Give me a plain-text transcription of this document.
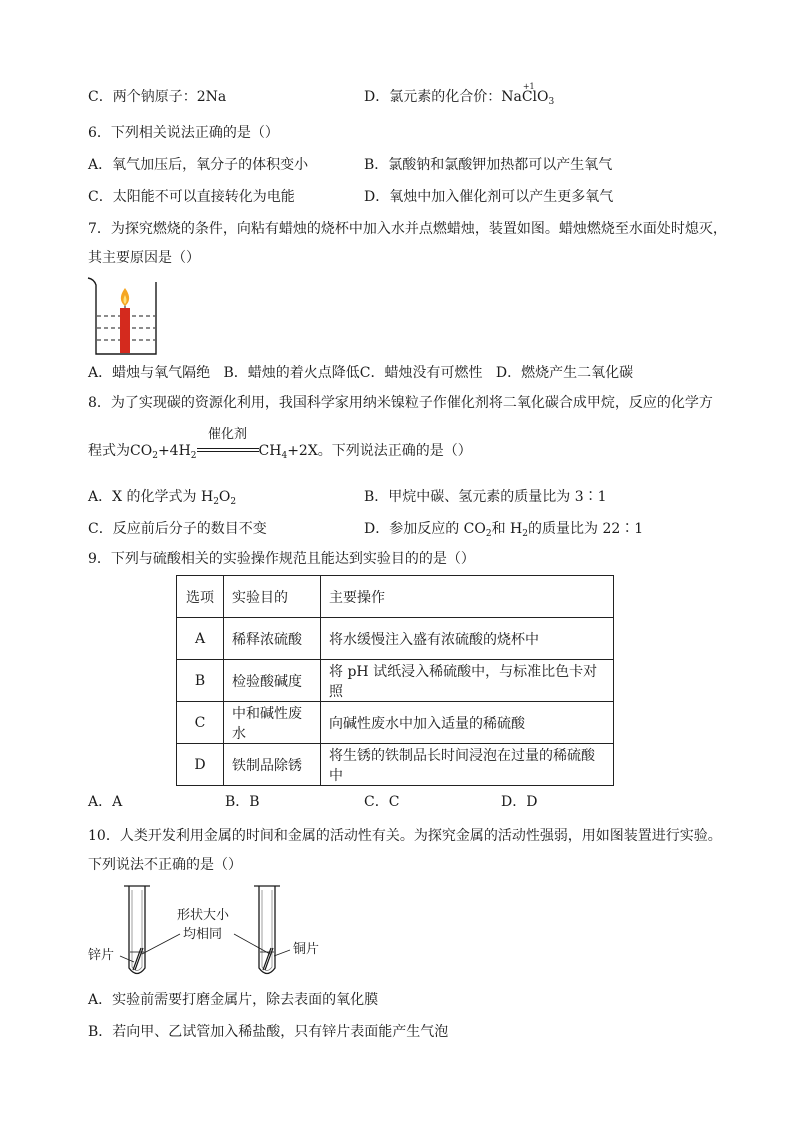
C．两个钠原子：2Na	D．氯元素的化合价：Na
+1
ClO$_3$
6．下列相关说法正确的是（）
A．氧气加压后，氧分子的体积变小	B．氯酸钠和氯酸钾加热都可以产生氧气
C．太阳能不可以直接转化为电能	D．氧烛中加入催化剂可以产生更多氧气
7．为探究燃烧的条件，向粘有蜡烛的烧杯中加入水并点燃蜡烛，装置如图。蜡烛燃烧至水面处时熄灭，
其主要原因是（）
A．蜡烛与氧气隔绝 B．蜡烛的着火点降低C．蜡烛没有可燃性 D．燃烧产生二氧化碳
8．为了实现碳的资源化利用，我国科学家用纳米镍粒子作催化剂将二氧化碳合成甲烷，反应的化学方
程式为$CO_2+4H_2$
催化剂
$CH_4+2X$。下列说法正确的是（）
A．X 的化学式为 $H_2O_2$	B．甲烷中碳、氢元素的质量比为 3∶1
C．反应前后分子的数目不变	D．参加反应的 $CO_2$和 $H_2$的质量比为 22∶1
9．下列与硫酸相关的实验操作规范且能达到实验目的的是（）
选项	实验目的	主要操作
A	稀释浓硫酸	将水缓慢注入盛有浓硫酸的烧杯中
B	检验酸碱度	将 pH 试纸浸入稀硫酸中，与标准比色卡对照
C	中和碱性废水	向碱性废水中加入适量的稀硫酸
D	铁制品除锈	将生锈的铁制品长时间浸泡在过量的稀硫酸中
A．A	B．B	C．C	D．D
10．人类开发利用金属的时间和金属的活动性有关。为探究金属的活动性强弱，用如图装置进行实验。
下列说法不正确的是（）
形状大小
均相同
锌片	铜片
A．实验前需要打磨金属片，除去表面的氧化膜
B．若向甲、乙试管加入稀盐酸，只有锌片表面能产生气泡
